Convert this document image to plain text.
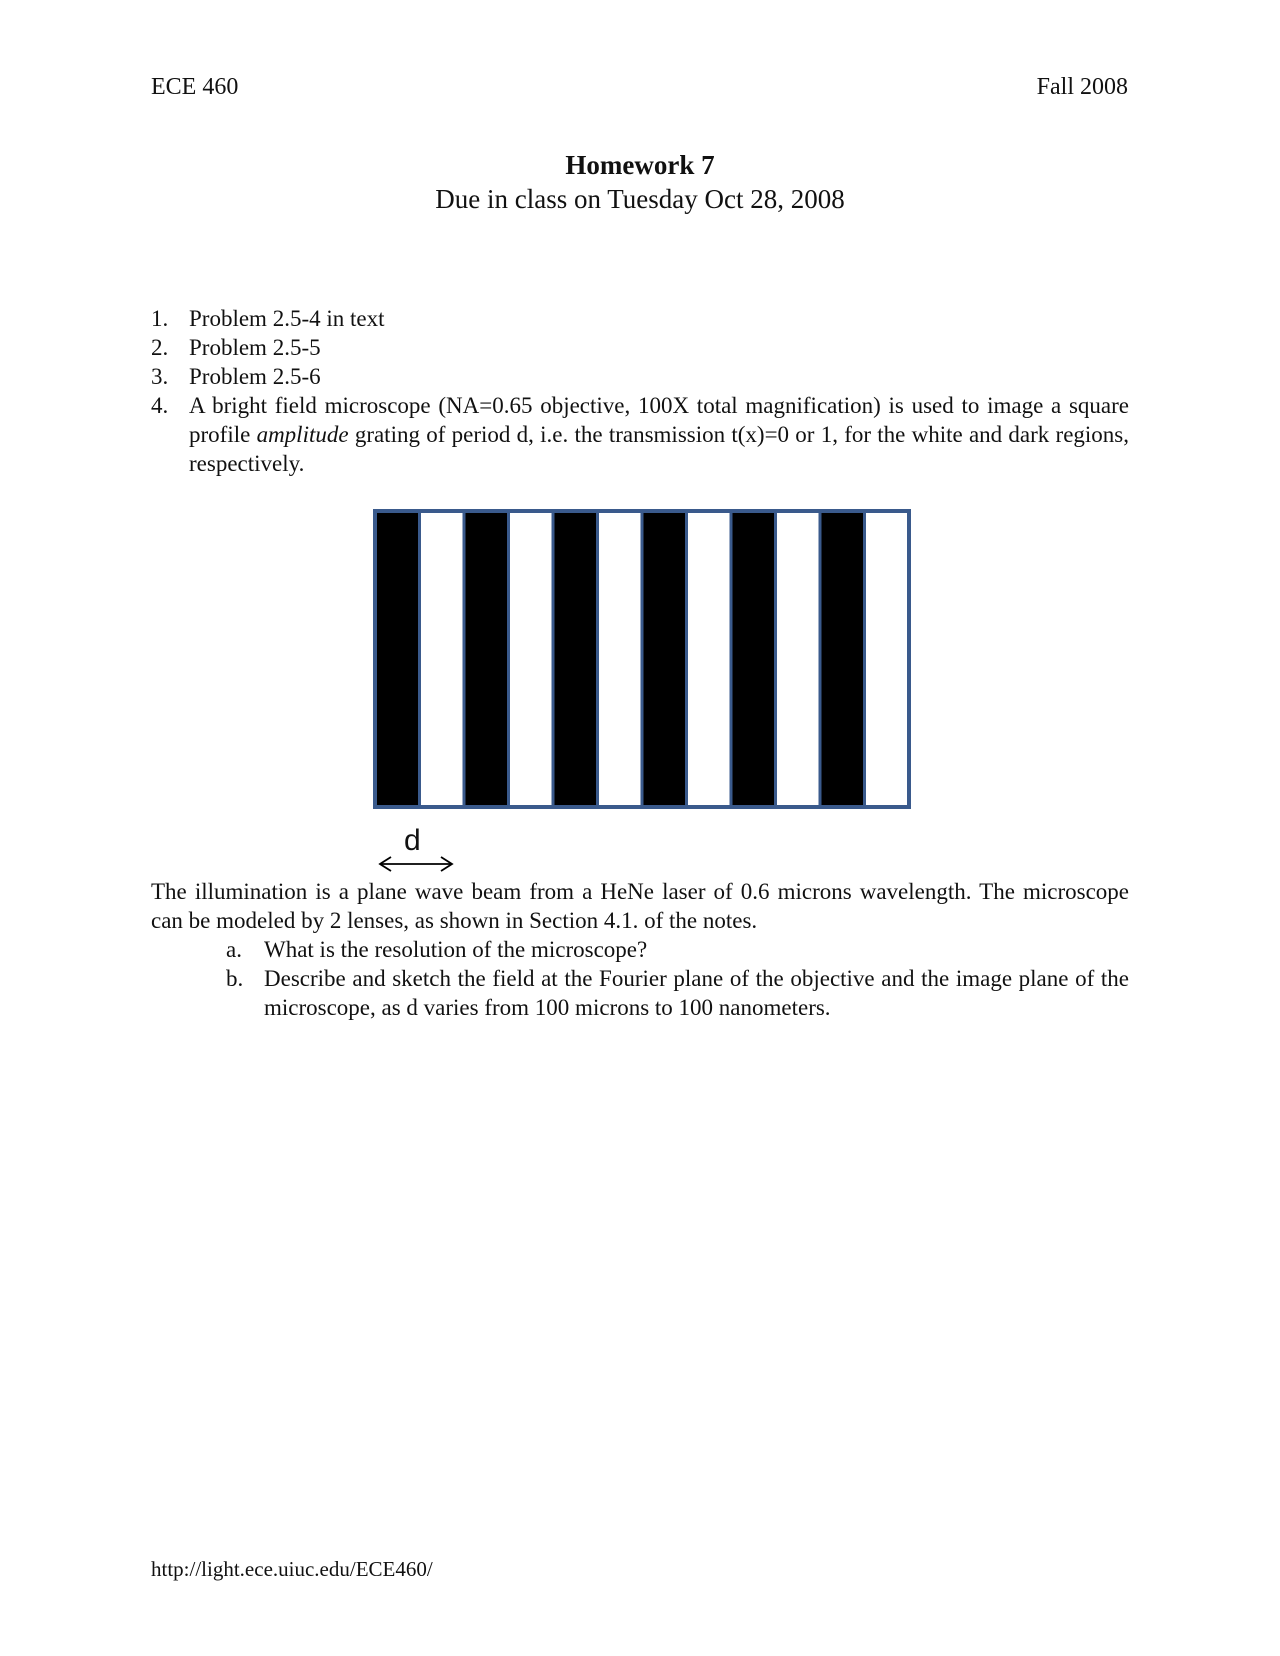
ECE 460	Fall 2008
Homework 7
Due in class on Tuesday Oct 28, 2008
1. Problem 2.5-4 in text
2. Problem 2.5-5
3. Problem 2.5-6
4. A bright field microscope (NA=0.65 objective, 100X total magnification) is used to image a square profile amplitude grating of period d, i.e. the transmission t(x)=0 or 1, for the white and dark regions, respectively.
d

The illumination is a plane wave beam from a HeNe laser of 0.6 microns wavelength. The microscope can be modeled by 2 lenses, as shown in Section 4.1. of the notes.

a. What is the resolution of the microscope?
b. Describe and sketch the field at the Fourier plane of the objective and the image plane of the microscope, as d varies from 100 microns to 100 nanometers.
http://light.ece.uiuc.edu/ECE460/
